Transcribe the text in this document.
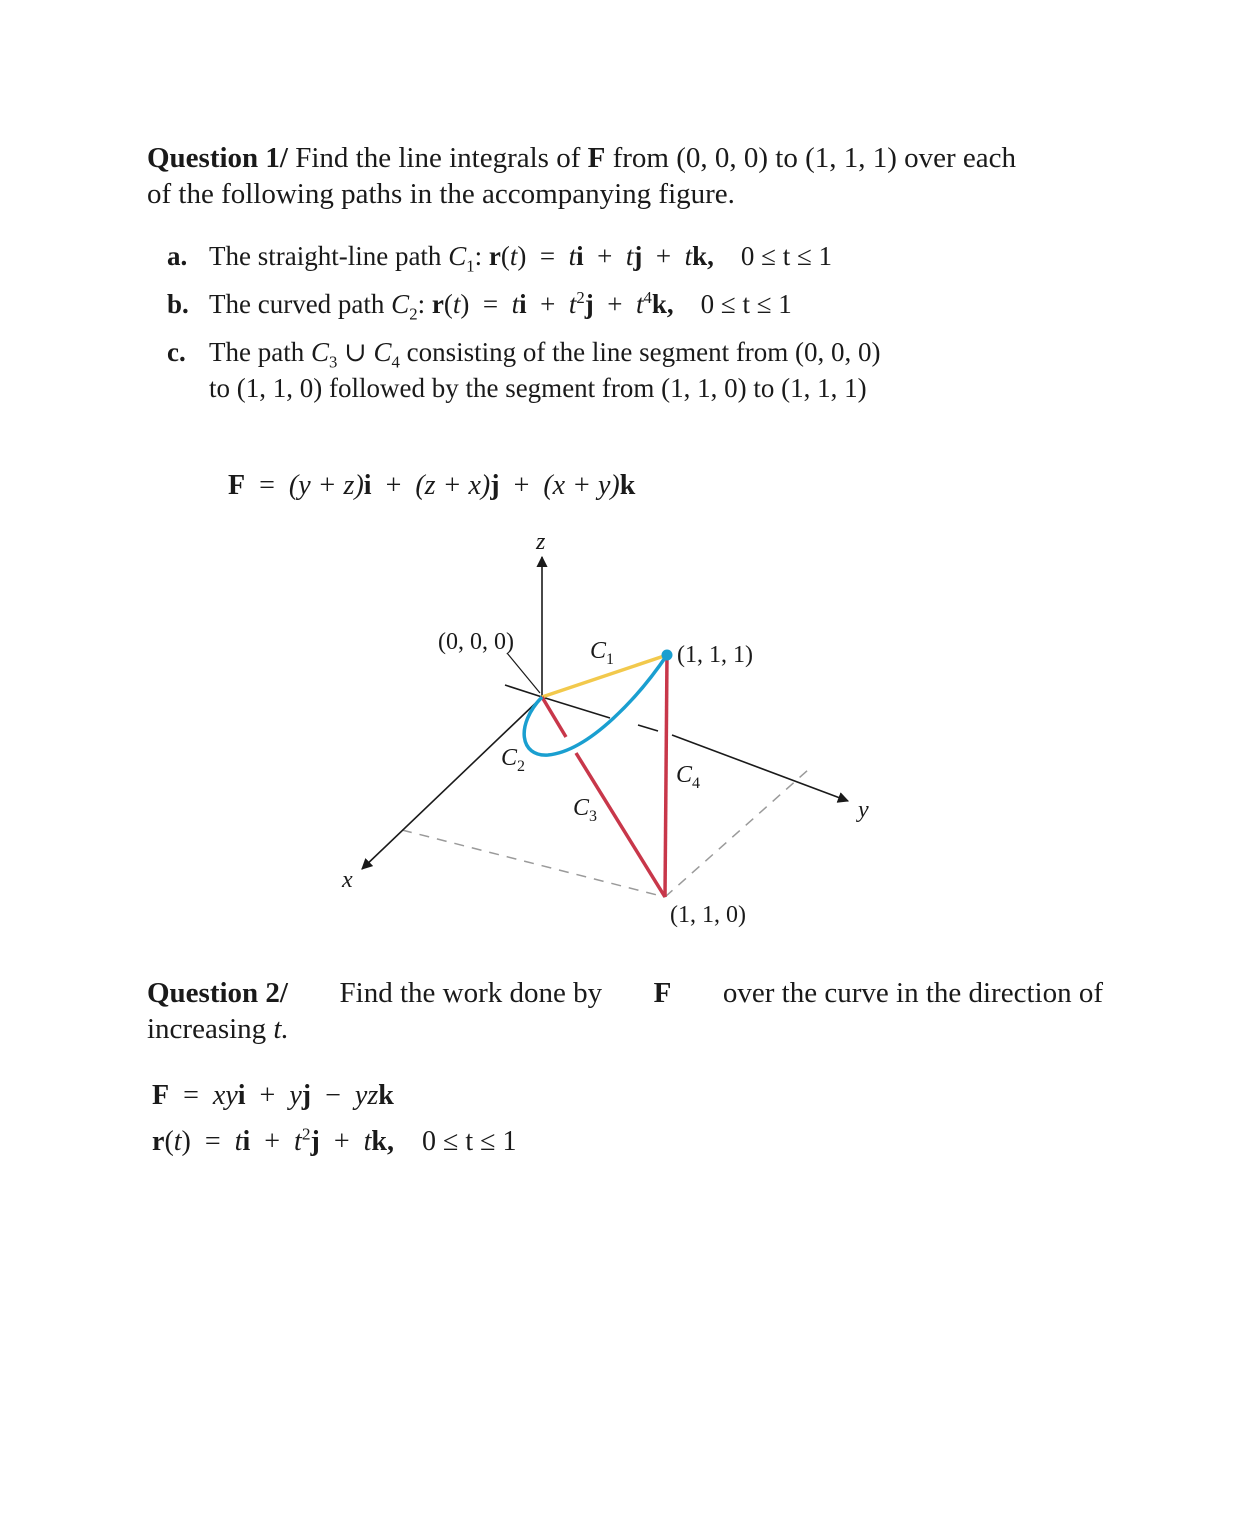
Question 1/ Find the line integrals of F from (0, 0, 0) to (1, 1, 1) over each
of the following paths in the accompanying figure.
a. The straight-line path $C_1$: r(t)  = ti + tj + tk, 0 ≤ t ≤ 1
b. The curved path $C_2$: r(t)  = ti + $t^2j + t^4k$, 0 ≤ t ≤ 1
c. The path $C_3$ ∪ $C_4$ consisting of the line segment from (0, 0, 0)
to (1, 1, 0) followed by the segment from (1, 1, 0) to (1, 1, 1)
F = (y + z)i + (z + x)j + (x + y)k
z
y
x
(0, 0, 0)	(1, 1, 1)
(1, 1, 0)
$C_1$
$C_2$
$C_3$
$C_4$
Question 2/ Find the work done by F over the curve in the direction of
increasing t.
F = xyi + yj − yzk
r(t)  = ti + $t^2j$ + tk, 0 ≤ t ≤ 1
